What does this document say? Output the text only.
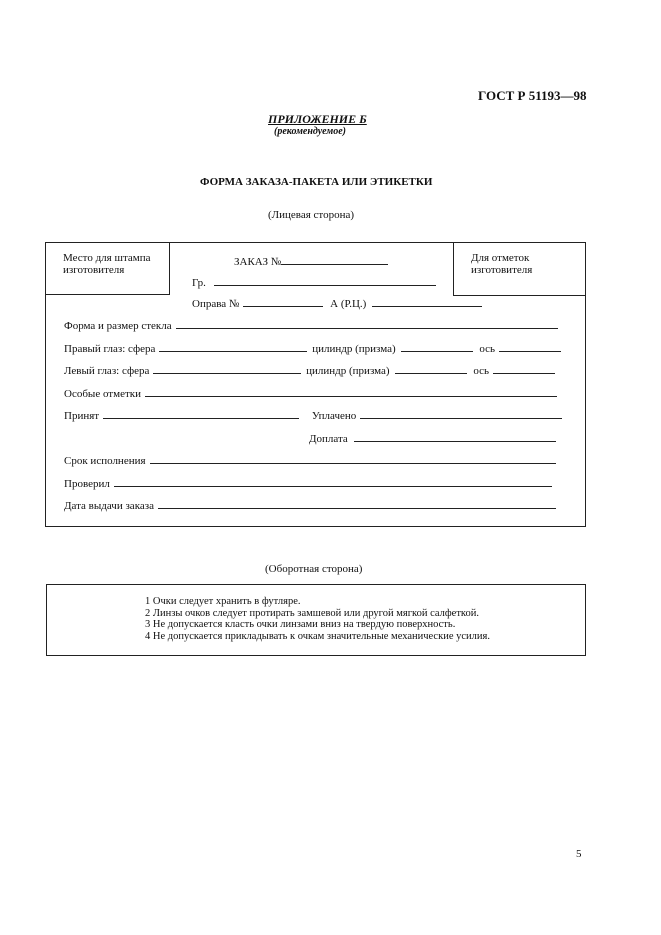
ГОСТ Р 51193—98
ПРИЛОЖЕНИЕ Б
(рекомендуемое)
ФОРМА ЗАКАЗА-ПАКЕТА ИЛИ ЭТИКЕТКИ
(Лицевая сторона)
Место для штампа изготовителя
Для отметок изготовителя
ЗАКАЗ №
Гр.
Оправа №	А (Р.Ц.)
Форма и размер стекла
Правый глаз: сфера	цилиндр (призма)	ось
Левый глаз: сфера	цилиндр (призма)	ось
Особые отметки
Принят	Уплачено
Доплата
Срок исполнения
Проверил
Дата выдачи заказа
(Оборотная сторона)
1 Очки следует хранить в футляре.
2 Линзы очков следует протирать замшевой или другой мягкой салфеткой.
3 Не допускается класть очки линзами вниз на твердую поверхность.
4 Не допускается прикладывать к очкам значительные механические усилия.
5
